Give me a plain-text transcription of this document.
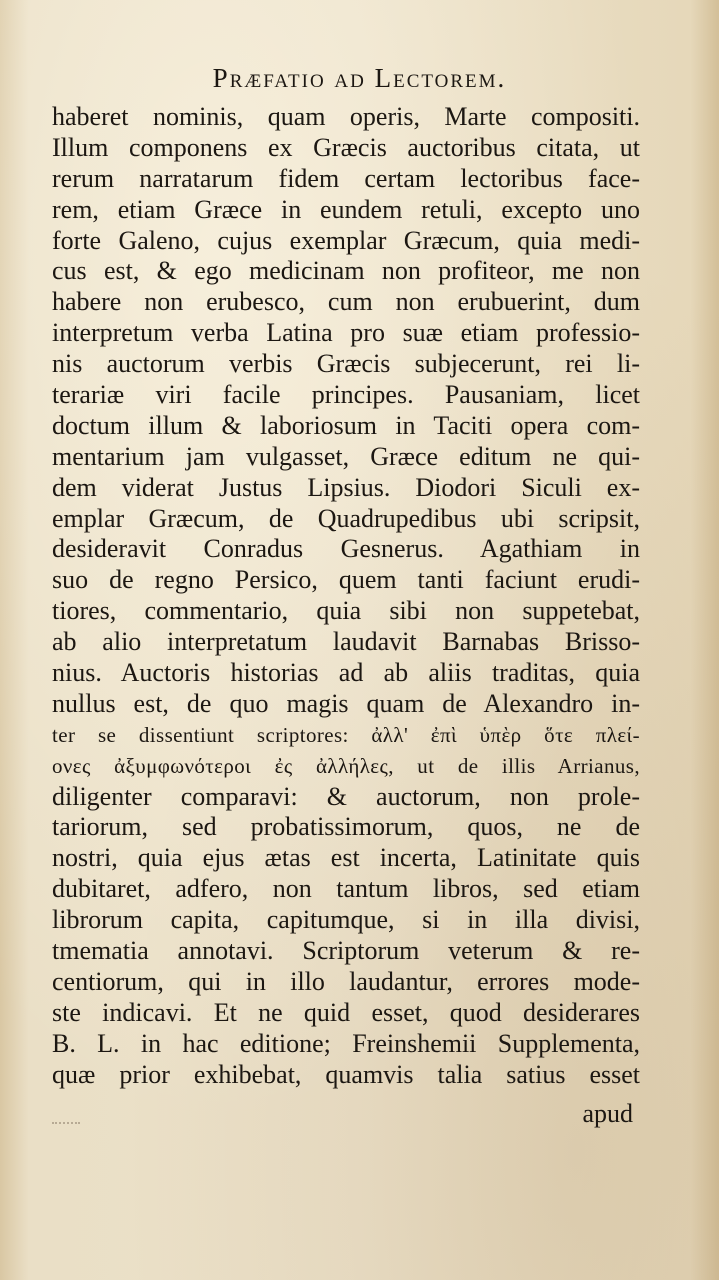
Præfatio ad Lectorem.
haberet nominis, quam operis, Marte compositi.
Illum componens ex Græcis auctoribus citata, ut
rerum narratarum fidem certam lectoribus face-
rem, etiam Græce in eundem retuli, excepto uno
forte Galeno, cujus exemplar Græcum, quia medi-
cus est, & ego medicinam non profiteor, me non
habere non erubesco, cum non erubuerint, dum
interpretum verba Latina pro suæ etiam professio-
nis auctorum verbis Græcis subjecerunt, rei li-
terariæ viri facile principes. Pausaniam, licet
doctum illum & laboriosum in Taciti opera com-
mentarium jam vulgasset, Græce editum ne qui-
dem viderat Justus Lipsius. Diodori Siculi ex-
emplar Græcum, de Quadrupedibus ubi scripsit,
desideravit Conradus Gesnerus. Agathiam in
suo de regno Persico, quem tanti faciunt erudi-
tiores, commentario, quia sibi non suppetebat,
ab alio interpretatum laudavit Barnabas Brisso-
nius. Auctoris historias ad ab aliis traditas, quia
nullus est, de quo magis quam de Alexandro in-
ter se dissentiunt scriptores: ἀλλ' ἐπὶ ὑπὲρ ὅτε πλεί-
ονες ἀξυμφωνότεροι ἐς ἀλλήλες, ut de illis Arrianus,
diligenter comparavi: & auctorum, non prole-
tariorum, sed probatissimorum, quos, ne de
nostri, quia ejus ætas est incerta, Latinitate quis
dubitaret, adfero, non tantum libros, sed etiam
librorum capita, capitumque, si in illa divisi,
tmematia annotavi. Scriptorum veterum & re-
centiorum, qui in illo laudantur, errores mode-
ste indicavi. Et ne quid esset, quod desiderares
B. L. in hac editione; Freinshemii Supplementa,
quæ prior exhibebat, quamvis talia satius esset
apud
